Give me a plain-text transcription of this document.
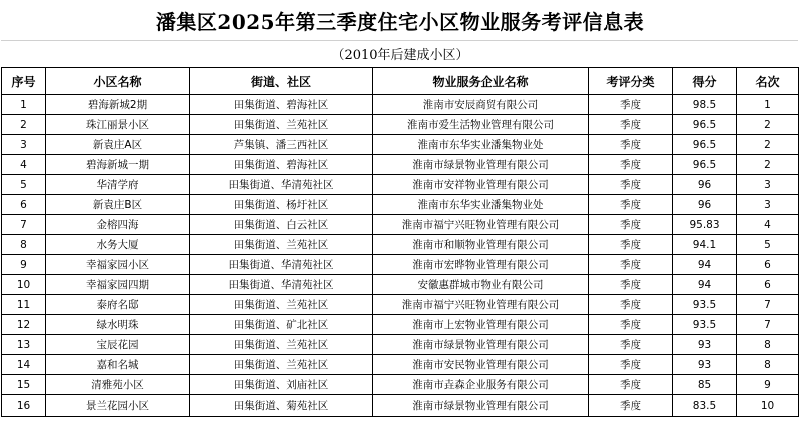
潘集区2025年第三季度住宅小区物业服务考评信息表
（2010年后建成小区）
序号	小区名称	街道、社区	物业服务企业名称	考评分类	得分	名次
1	碧海新城2期	田集街道、碧海社区	淮南市安辰商贸有限公司	季度	98.5	1
2	珠江丽景小区	田集街道、兰苑社区	淮南市爱生活物业管理有限公司	季度	96.5	2
3	新袁庄A区	芦集镇、潘三西社区	淮南市东华实业潘集物业处	季度	96.5	2
4	碧海新城一期	田集街道、碧海社区	淮南市绿景物业管理有限公司	季度	96.5	2
5	华清学府	田集街道、华清苑社区	淮南市安祥物业管理有限公司	季度	96	3
6	新袁庄B区	田集街道、杨圩社区	淮南市东华实业潘集物业处	季度	96	3
7	金榕四海	田集街道、白云社区	淮南市福宁兴旺物业管理有限公司	季度	95.83	4
8	水务大厦	田集街道、兰苑社区	淮南市和顺物业管理有限公司	季度	94.1	5
9	幸福家园小区	田集街道、华清苑社区	淮南市宏晔物业管理有限公司	季度	94	6
10	幸福家园四期	田集街道、华清苑社区	安徽惠群城市物业有限公司	季度	94	6
11	泰府名邸	田集街道、兰苑社区	淮南市福宁兴旺物业管理有限公司	季度	93.5	7
12	绿水明珠	田集街道、矿北社区	淮南市上宏物业管理有限公司	季度	93.5	7
13	宝辰花园	田集街道、兰苑社区	淮南市绿景物业管理有限公司	季度	93	8
14	嘉和名城	田集街道、兰苑社区	淮南市安民物业管理有限公司	季度	93	8
15	清雅苑小区	田集街道、刘庙社区	淮南市垚森企业服务有限公司	季度	85	9
16	景兰花园小区	田集街道、菊苑社区	淮南市绿景物业管理有限公司	季度	83.5	10
